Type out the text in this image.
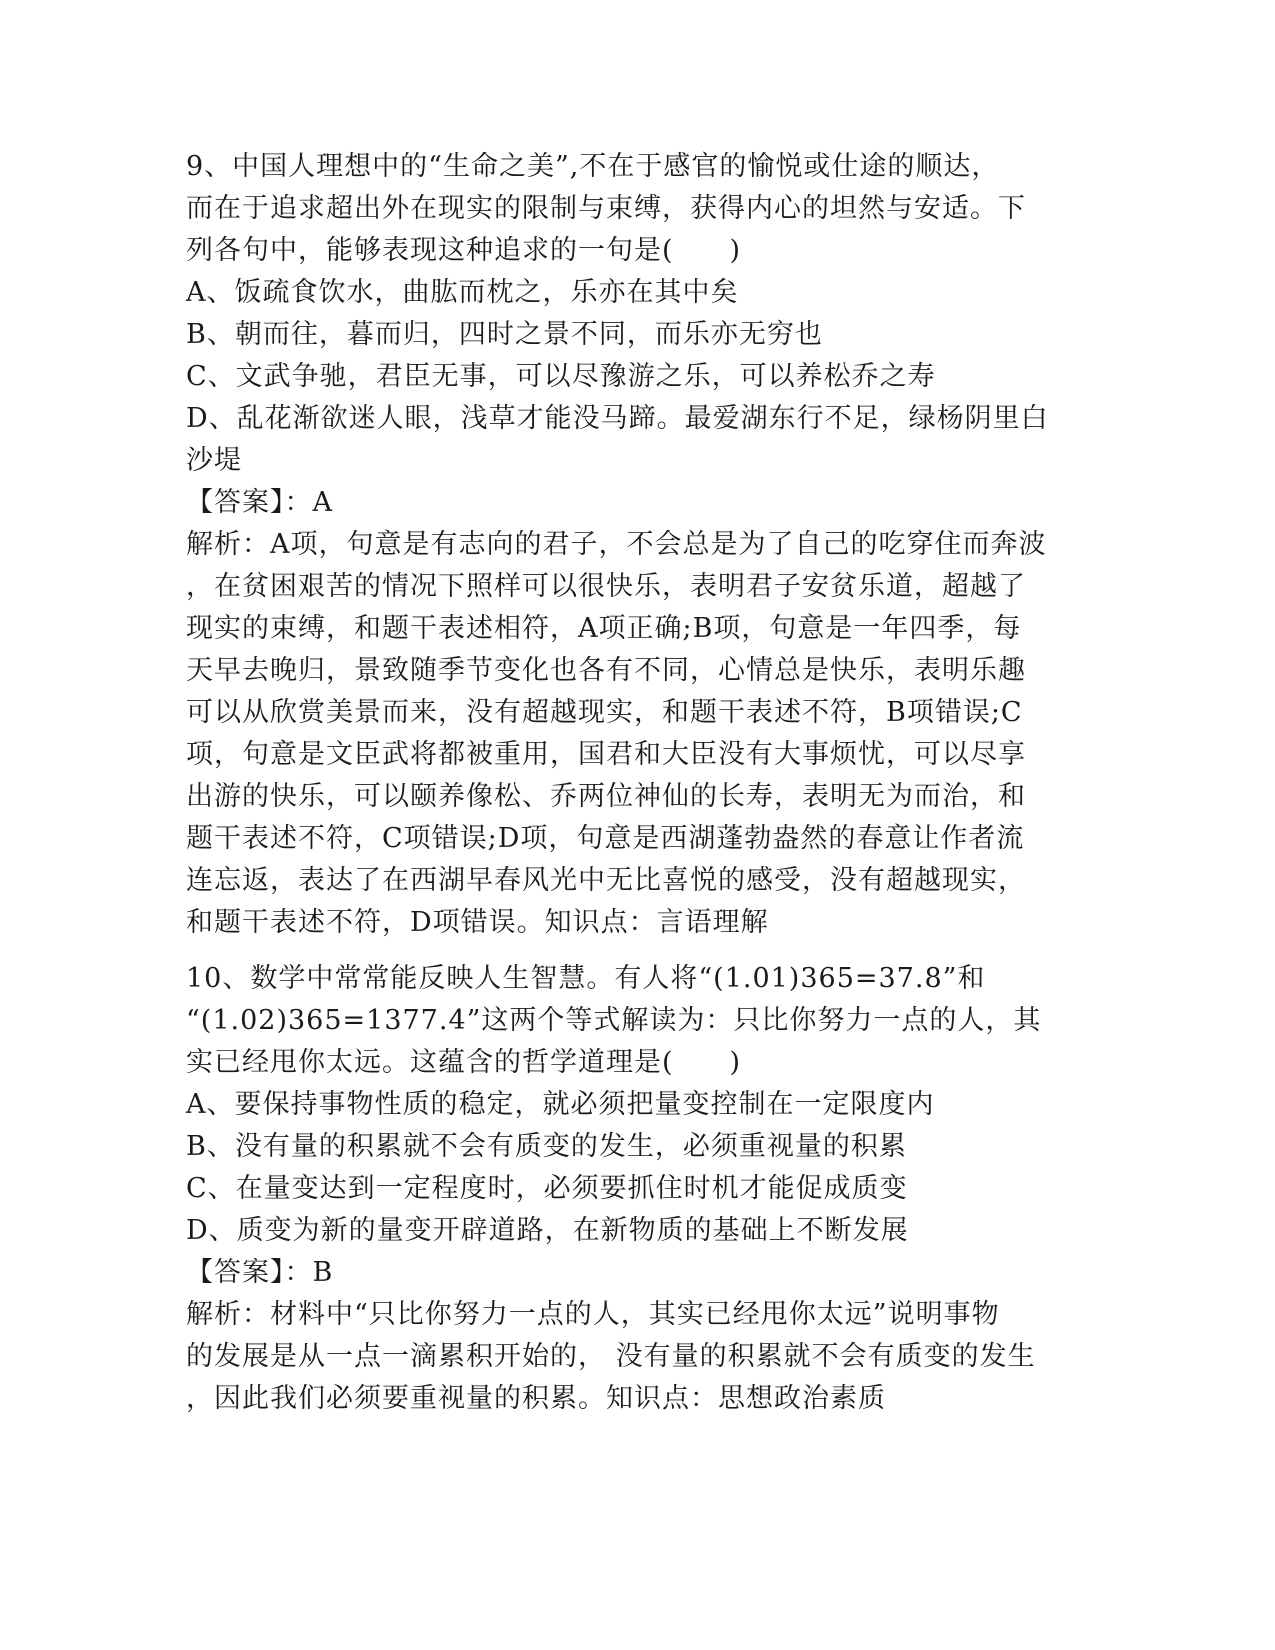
9、中国人理想中的“生命之美”,不在于感官的愉悦或仕途的顺达，
而在于追求超出外在现实的限制与束缚，获得内心的坦然与安适。下
列各句中，能够表现这种追求的一句是(　　)
A、饭疏食饮水，曲肱而枕之，乐亦在其中矣
B、朝而往，暮而归，四时之景不同，而乐亦无穷也
C、文武争驰，君臣无事，可以尽豫游之乐，可以养松乔之寿
D、乱花渐欲迷人眼，浅草才能没马蹄。最爱湖东行不足，绿杨阴里白
沙堤
【答案】：A
解析：A项，句意是有志向的君子，不会总是为了自己的吃穿住而奔波
，在贫困艰苦的情况下照样可以很快乐，表明君子安贫乐道，超越了
现实的束缚，和题干表述相符，A项正确;B项，句意是一年四季，每
天早去晚归，景致随季节变化也各有不同，心情总是快乐，表明乐趣
可以从欣赏美景而来，没有超越现实，和题干表述不符，B项错误;C
项，句意是文臣武将都被重用，国君和大臣没有大事烦忧，可以尽享
出游的快乐，可以颐养像松、乔两位神仙的长寿，表明无为而治，和
题干表述不符，C项错误;D项，句意是西湖蓬勃盎然的春意让作者流
连忘返，表达了在西湖早春风光中无比喜悦的感受，没有超越现实，
和题干表述不符，D项错误。知识点：言语理解
10、数学中常常能反映人生智慧。有人将“(1.01)365=37.8”和
“(1.02)365=1377.4”这两个等式解读为：只比你努力一点的人，其
实已经甩你太远。这蕴含的哲学道理是(　　)
A、要保持事物性质的稳定，就必须把量变控制在一定限度内
B、没有量的积累就不会有质变的发生，必须重视量的积累
C、在量变达到一定程度时，必须要抓住时机才能促成质变
D、质变为新的量变开辟道路，在新物质的基础上不断发展
【答案】：B
解析：材料中“只比你努力一点的人，其实已经甩你太远”说明事物
的发展是从一点一滴累积开始的， 没有量的积累就不会有质变的发生
，因此我们必须要重视量的积累。知识点：思想政治素质
